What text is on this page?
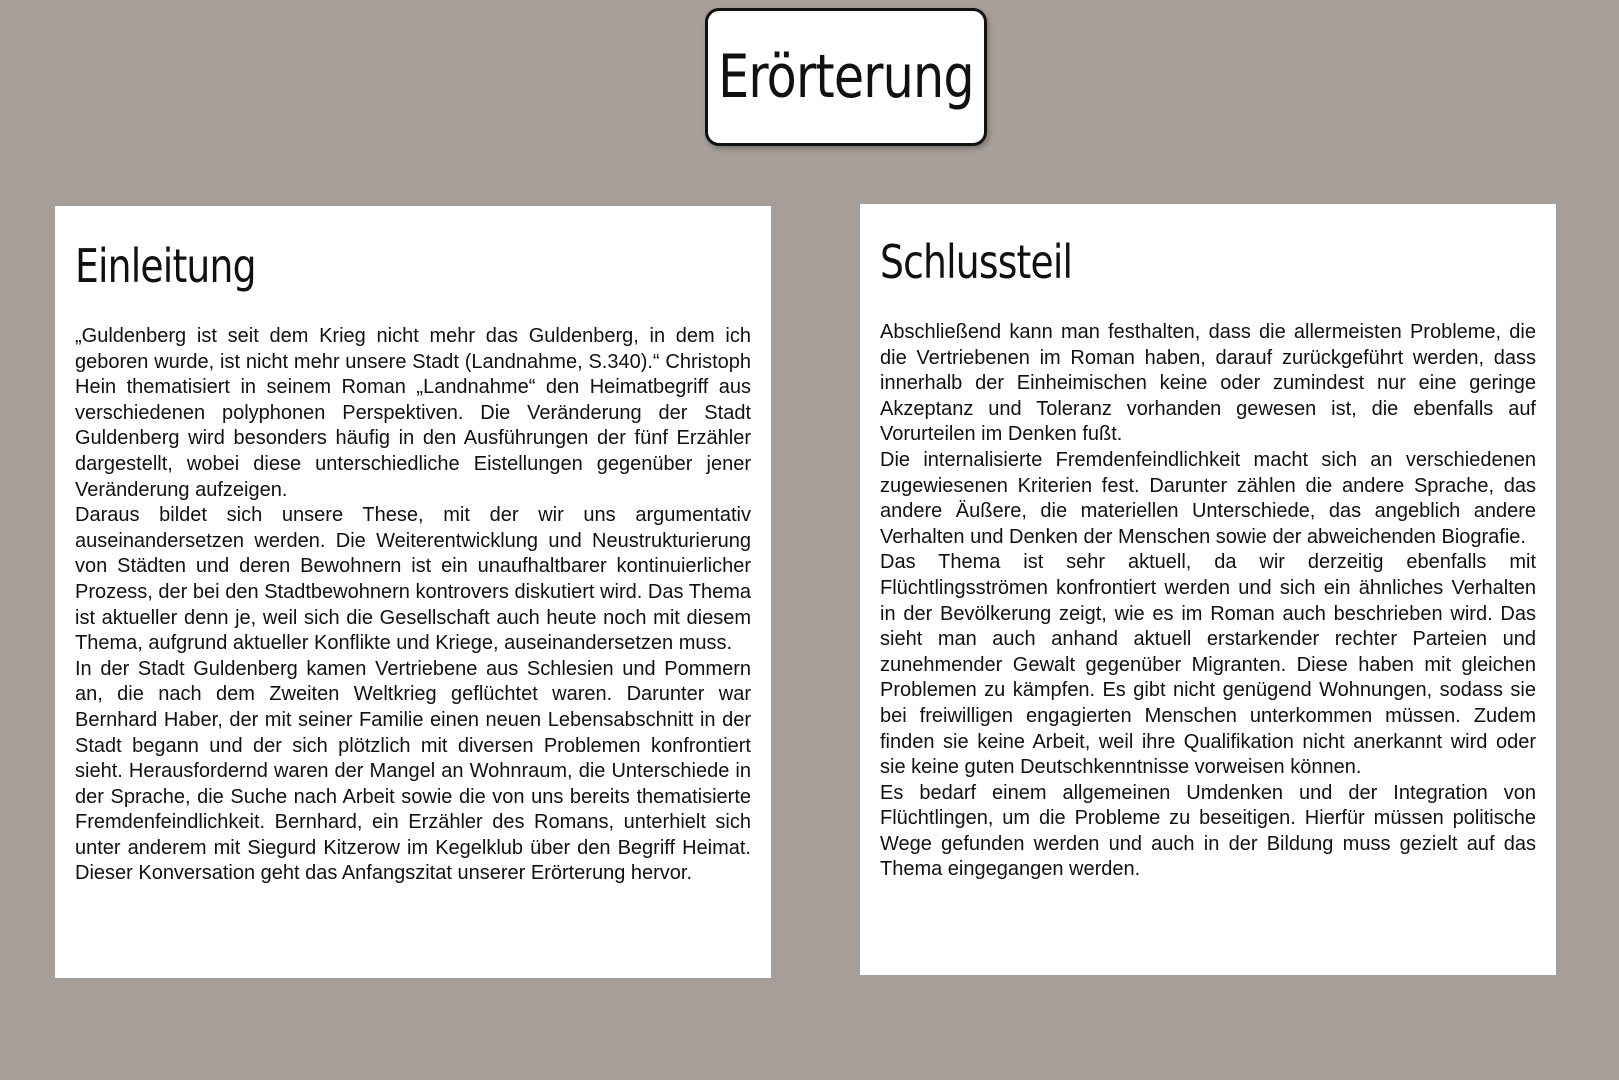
Erörterung
Einleitung

„Guldenberg ist seit dem Krieg nicht mehr das Guldenberg, in dem ich geboren wurde, ist nicht mehr unsere Stadt (Landnahme, S.340).“ Christoph Hein thematisiert in seinem Roman „Landnahme“ den Heimatbegriff aus verschiedenen polyphonen Perspektiven. Die Veränderung der Stadt Guldenberg wird besonders häufig in den Ausführungen der fünf Erzähler dargestellt, wobei diese unterschiedliche Eistellungen gegenüber jener Veränderung aufzeigen.

Daraus bildet sich unsere These, mit der wir uns argumentativ auseinandersetzen werden. Die Weiterentwicklung und Neustrukturierung von Städten und deren Bewohnern ist ein unaufhaltbarer kontinuierlicher Prozess, der bei den Stadtbewohnern kontrovers diskutiert wird. Das Thema ist aktueller denn je, weil sich die Gesellschaft auch heute noch mit diesem Thema, aufgrund aktueller Konflikte und Kriege, auseinandersetzen muss.

In der Stadt Guldenberg kamen Vertriebene aus Schlesien und Pommern an, die nach dem Zweiten Weltkrieg geflüchtet waren. Darunter war Bernhard Haber, der mit seiner Familie einen neuen Lebensabschnitt in der Stadt begann und der sich plötzlich mit diversen Problemen konfrontiert sieht. Herausfordernd waren der Mangel an Wohnraum, die Unterschiede in der Sprache, die Suche nach Arbeit sowie die von uns bereits thematisierte Fremdenfeindlichkeit. Bernhard, ein Erzähler des Romans, unterhielt sich unter anderem mit Siegurd Kitzerow im Kegelklub über den Begriff Heimat. Dieser Konversation geht das Anfangszitat unserer Erörterung hervor.

Schlussteil

Abschließend kann man festhalten, dass die allermeisten Probleme, die die Vertriebenen im Roman haben, darauf zurückgeführt werden, dass innerhalb der Einheimischen keine oder zumindest nur eine geringe Akzeptanz und Toleranz vorhanden gewesen ist, die ebenfalls auf Vorurteilen im Denken fußt.

Die internalisierte Fremdenfeindlichkeit macht sich an verschiedenen zugewiesenen Kriterien fest. Darunter zählen die andere Sprache, das andere Äußere, die materiellen Unterschiede, das angeblich andere Verhalten und Denken der Menschen sowie der abweichenden Biografie.

Das Thema ist sehr aktuell, da wir derzeitig ebenfalls mit Flüchtlingsströmen konfrontiert werden und sich ein ähnliches Verhalten in der Bevölkerung zeigt, wie es im Roman auch beschrieben wird. Das sieht man auch anhand aktuell erstarkender rechter Parteien und zunehmender Gewalt gegenüber Migranten. Diese haben mit gleichen Problemen zu kämpfen. Es gibt nicht genügend Wohnungen, sodass sie bei freiwilligen engagierten Menschen unterkommen müssen. Zudem finden sie keine Arbeit, weil ihre Qualifikation nicht anerkannt wird oder sie keine guten Deutschkenntnisse vorweisen können.

Es bedarf einem allgemeinen Umdenken und der Integration von Flüchtlingen, um die Probleme zu beseitigen. Hierfür müssen politische Wege gefunden werden und auch in der Bildung muss gezielt auf das Thema eingegangen werden.
